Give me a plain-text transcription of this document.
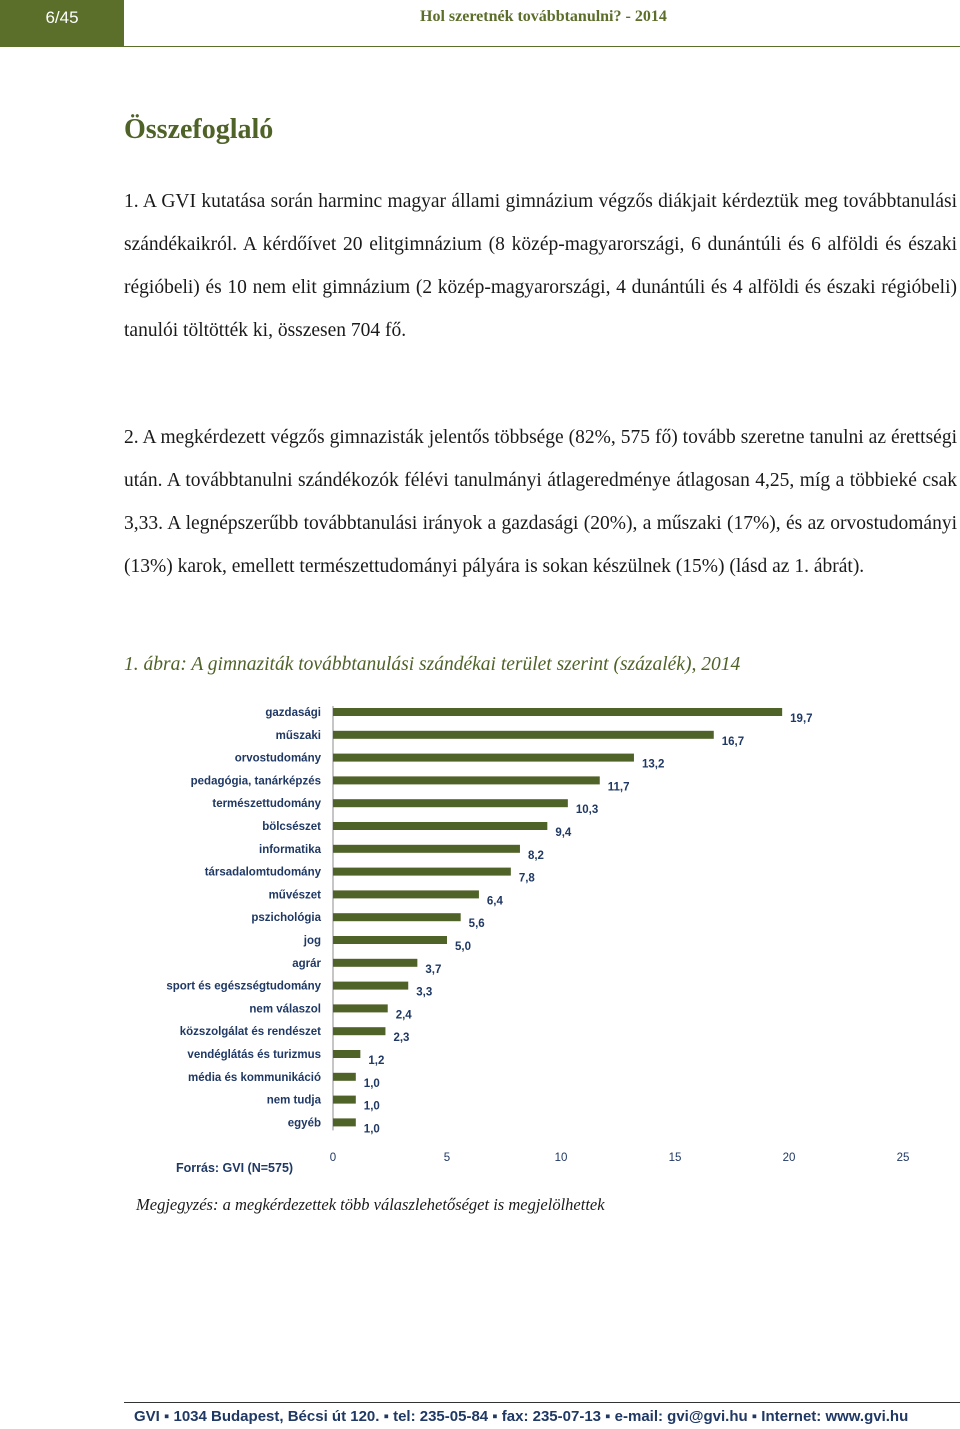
6/45	Hol szeretnék továbbtanulni? - 2014
Összefoglaló

1. A GVI kutatása során harminc magyar állami gimnázium végzős diákjait kérdeztük meg továbbtanulási szándékaikról. A kérdőívet 20 elitgimnázium (8 közép-magyarországi, 6 dunántúli és 6 alföldi és északi régióbeli) és 10 nem elit gimnázium (2 közép-magyarországi, 4 dunántúli és 4 alföldi és északi régióbeli) tanulói töltötték ki, összesen 704 fő.

2. A megkérdezett végzős gimnazisták jelentős többsége (82%, 575 fő) tovább szeretne tanulni az érettségi után. A továbbtanulni szándékozók félévi tanulmányi átlageredménye átlagosan 4,25, míg a többieké csak 3,33. A legnépszerűbb továbbtanulási irányok a gazdasági (20%), a műszaki (17%), és az orvostudományi (13%) karok, emellett természettudományi pályára is sokan készülnek (15%) (lásd az 1. ábrát).

1. ábra: A gimnaziták továbbtanulási szándékai terület szerint (százalék), 2014

gazdasági	19,7
műszaki	16,7
orvostudomány	13,2
pedagógia, tanárképzés	11,7
természettudomány	10,3
bölcsészet	9,4
informatika	8,2
társadalomtudomány	7,8
művészet	6,4
pszichológia	5,6
jog	5,0
agrár	3,7
sport és egészségtudomány	3,3
nem válaszol	2,4
közszolgálat és rendészet	2,3
vendéglátás és turizmus	1,2
média és kommunikáció	1,0
nem tudja	1,0
egyéb	1,0
0	5	10	15	20	25
Forrás: GVI (N=575)

Megjegyzés: a megkérdezettek több válaszlehetőséget is megjelölhettek

GVI ▪ 1034 Budapest, Bécsi út 120. ▪ tel: 235-05-84 ▪ fax: 235-07-13 ▪ e-mail: gvi@gvi.hu ▪ Internet: www.gvi.hu
